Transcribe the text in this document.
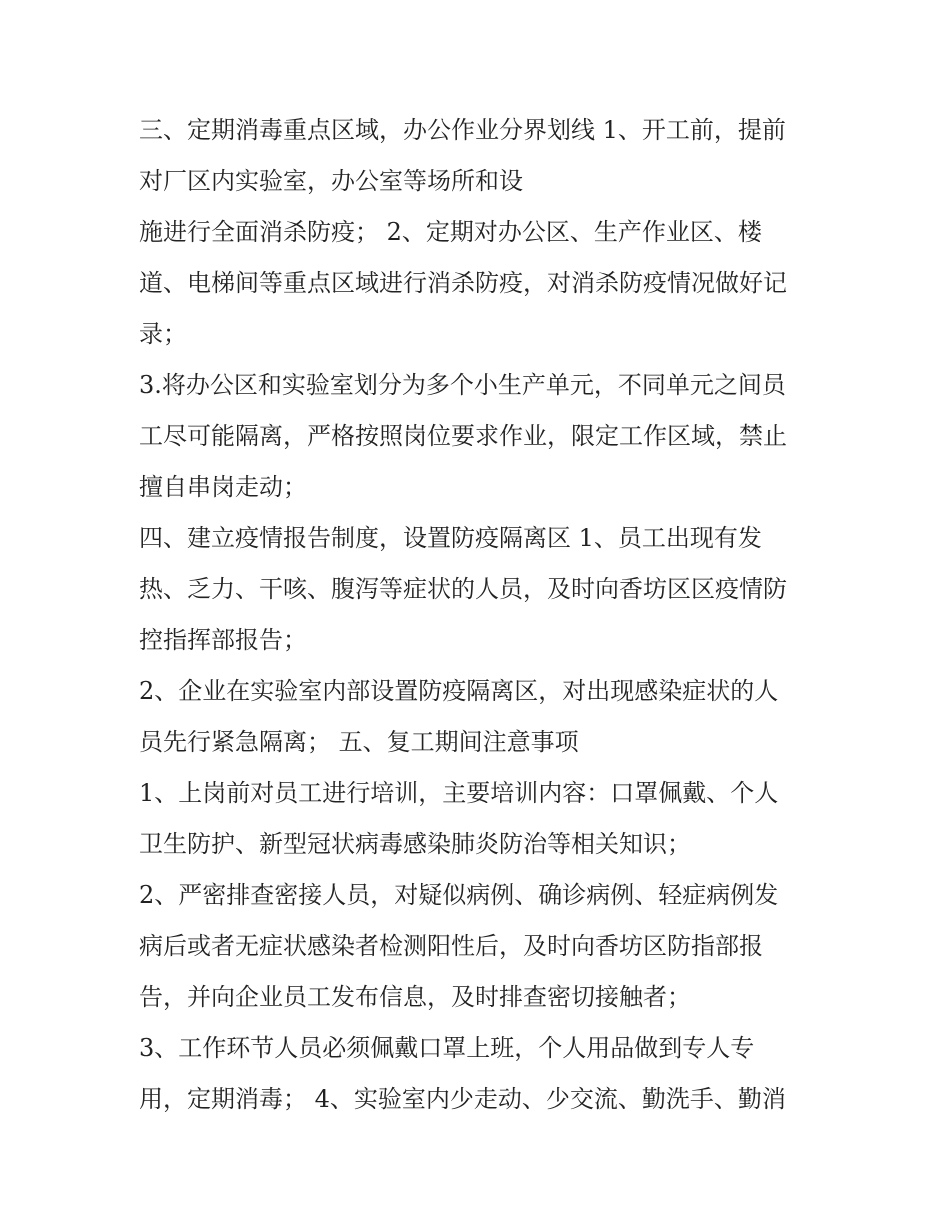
三、定期消毒重点区域，办公作业分界划线 1、开工前，提前
对厂区内实验室，办公室等场所和设
施进行全面消杀防疫； 2、定期对办公区、生产作业区、楼
道、电梯间等重点区域进行消杀防疫，对消杀防疫情况做好记
录；
3.将办公区和实验室划分为多个小生产单元，不同单元之间员
工尽可能隔离，严格按照岗位要求作业，限定工作区域，禁止
擅自串岗走动；
四、建立疫情报告制度，设置防疫隔离区 1、员工出现有发
热、乏力、干咳、腹泻等症状的人员，及时向香坊区区疫情防
控指挥部报告；
2、企业在实验室内部设置防疫隔离区，对出现感染症状的人
员先行紧急隔离； 五、复工期间注意事项
1、上岗前对员工进行培训，主要培训内容：口罩佩戴、个人
卫生防护、新型冠状病毒感染肺炎防治等相关知识；
2、严密排查密接人员，对疑似病例、确诊病例、轻症病例发
病后或者无症状感染者检测阳性后，及时向香坊区防指部报
告，并向企业员工发布信息，及时排查密切接触者；
3、工作环节人员必须佩戴口罩上班，个人用品做到专人专
用，定期消毒； 4、实验室内少走动、少交流、勤洗手、勤消
